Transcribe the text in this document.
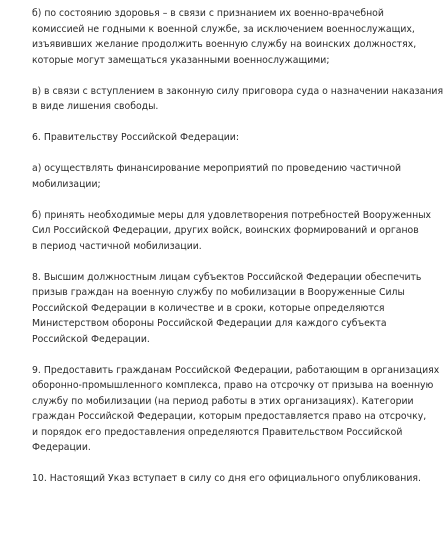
б) по состоянию здоровья – в связи с признанием их военно-врачебной
комиссией не годными к военной службе, за исключением военнослужащих,
изъявивших желание продолжить военную службу на воинских должностях,
которые могут замещаться указанными военнослужащими;

в) в связи с вступлением в законную силу приговора суда о назначении наказания
в виде лишения свободы.

6. Правительству Российской Федерации:

а) осуществлять финансирование мероприятий по проведению частичной
мобилизации;

б) принять необходимые меры для удовлетворения потребностей Вооруженных
Сил Российской Федерации, других войск, воинских формирований и органов
в период частичной мобилизации.

8. Высшим должностным лицам субъектов Российской Федерации обеспечить
призыв граждан на военную службу по мобилизации в Вооруженные Силы
Российской Федерации в количестве и в сроки, которые определяются
Министерством обороны Российской Федерации для каждого субъекта
Российской Федерации.

9. Предоставить гражданам Российской Федерации, работающим в организациях
оборонно-промышленного комплекса, право на отсрочку от призыва на военную
службу по мобилизации (на период работы в этих организациях). Категории
граждан Российской Федерации, которым предоставляется право на отсрочку,
и порядок его предоставления определяются Правительством Российской
Федерации.

10. Настоящий Указ вступает в силу со дня его официального опубликования.
